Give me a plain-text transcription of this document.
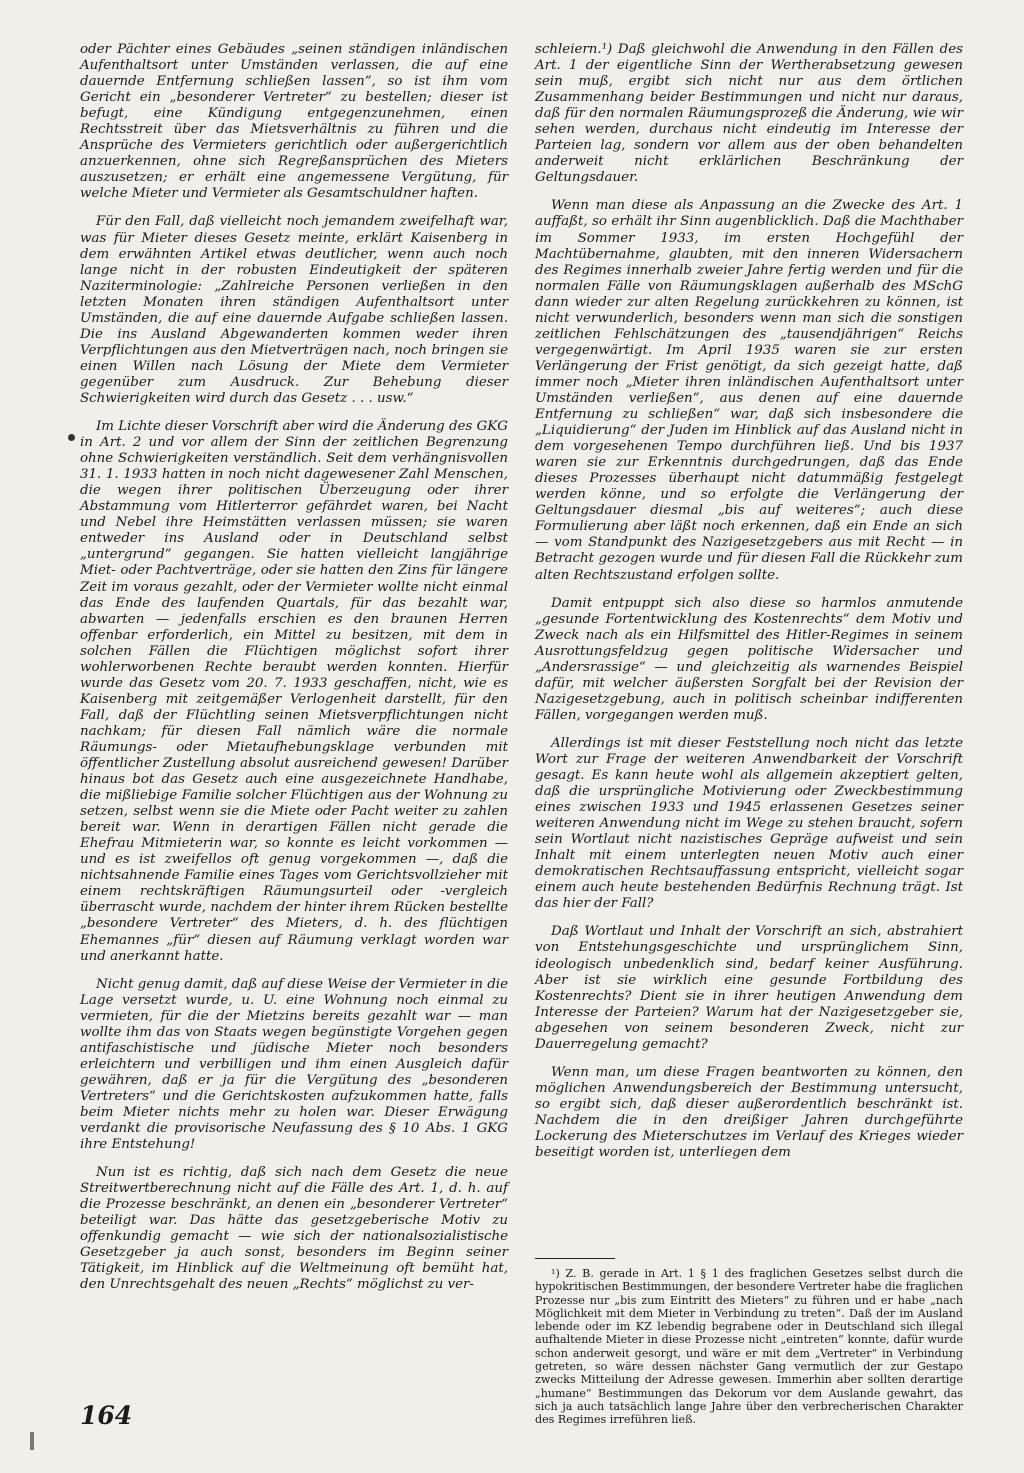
oder Pächter eines Gebäudes „seinen ständigen inländischen Aufenthaltsort unter Umständen verlassen, die auf eine dauernde Entfernung schließen lassen“, so ist ihm vom Gericht ein „besonderer Vertreter“ zu bestellen; dieser ist befugt, eine Kündigung entgegenzunehmen, einen Rechtsstreit über das Mietsverhältnis zu führen und die Ansprüche des Vermieters gerichtlich oder außergerichtlich anzuerkennen, ohne sich Regreßansprüchen des Mieters auszusetzen; er erhält eine angemessene Vergütung, für welche Mieter und Vermieter als Gesamtschuldner haften.

Für den Fall, daß vielleicht noch jemandem zweifelhaft war, was für Mieter dieses Gesetz meinte, erklärt Kaisenberg in dem erwähnten Artikel etwas deutlicher, wenn auch noch lange nicht in der robusten Eindeutigkeit der späteren Naziterminologie: „Zahlreiche Personen verließen in den letzten Monaten ihren ständigen Aufenthaltsort unter Umständen, die auf eine dauernde Aufgabe schließen lassen. Die ins Ausland Abgewanderten kommen weder ihren Verpflichtungen aus den Mietverträgen nach, noch bringen sie einen Willen nach Lösung der Miete dem Vermieter gegenüber zum Ausdruck. Zur Behebung dieser Schwierigkeiten wird durch das Gesetz . . . usw.“

Im Lichte dieser Vorschrift aber wird die Änderung des GKG in Art. 2 und vor allem der Sinn der zeitlichen Begrenzung ohne Schwierigkeiten verständlich. Seit dem verhängnisvollen 31. 1. 1933 hatten in noch nicht dagewesener Zahl Menschen, die wegen ihrer politischen Überzeugung oder ihrer Abstammung vom Hitlerterror gefährdet waren, bei Nacht und Nebel ihre Heimstätten verlassen müssen; sie waren entweder ins Ausland oder in Deutschland selbst „untergrund“ gegangen. Sie hatten vielleicht langjährige Miet- oder Pachtverträge, oder sie hatten den Zins für längere Zeit im voraus gezahlt, oder der Vermieter wollte nicht einmal das Ende des laufenden Quartals, für das bezahlt war, abwarten — jedenfalls erschien es den braunen Herren offenbar erforderlich, ein Mittel zu besitzen, mit dem in solchen Fällen die Flüchtigen möglichst sofort ihrer wohlerworbenen Rechte beraubt werden konnten. Hierfür wurde das Gesetz vom 20. 7. 1933 geschaffen, nicht, wie es Kaisenberg mit zeitgemäßer Verlogenheit darstellt, für den Fall, daß der Flüchtling seinen Mietsverpflichtungen nicht nachkam; für diesen Fall nämlich wäre die normale Räumungs- oder Mietaufhebungsklage verbunden mit öffentlicher Zustellung absolut ausreichend gewesen! Darüber hinaus bot das Gesetz auch eine ausgezeichnete Handhabe, die mißliebige Familie solcher Flüchtigen aus der Wohnung zu setzen, selbst wenn sie die Miete oder Pacht weiter zu zahlen bereit war. Wenn in derartigen Fällen nicht gerade die Ehefrau Mitmieterin war, so konnte es leicht vorkommen — und es ist zweifellos oft genug vorgekommen —, daß die nichtsahnende Familie eines Tages vom Gerichtsvollzieher mit einem rechtskräftigen Räumungsurteil oder -vergleich überrascht wurde, nachdem der hinter ihrem Rücken bestellte „besondere Vertreter“ des Mieters, d. h. des flüchtigen Ehemannes „für“ diesen auf Räumung verklagt worden war und anerkannt hatte.

Nicht genug damit, daß auf diese Weise der Vermieter in die Lage versetzt wurde, u. U. eine Wohnung noch einmal zu vermieten, für die der Mietzins bereits gezahlt war — man wollte ihm das von Staats wegen begünstigte Vorgehen gegen antifaschistische und jüdische Mieter noch besonders erleichtern und verbilligen und ihm einen Ausgleich dafür gewähren, daß er ja für die Vergütung des „besonderen Vertreters“ und die Gerichtskosten aufzukommen hatte, falls beim Mieter nichts mehr zu holen war. Dieser Erwägung verdankt die provisorische Neufassung des § 10 Abs. 1 GKG ihre Entstehung!

Nun ist es richtig, daß sich nach dem Gesetz die neue Streitwertberechnung nicht auf die Fälle des Art. 1, d. h. auf die Prozesse beschränkt, an denen ein „besonderer Vertreter“ beteiligt war. Das hätte das gesetzgeberische Motiv zu offenkundig gemacht — wie sich der nationalsozialistische Gesetzgeber ja auch sonst, besonders im Beginn seiner Tätigkeit, im Hinblick auf die Weltmeinung oft bemüht hat, den Unrechtsgehalt des neuen „Rechts“ möglichst zu ver-

schleiern.¹) Daß gleichwohl die Anwendung in den Fällen des Art. 1 der eigentliche Sinn der Wertherabsetzung gewesen sein muß, ergibt sich nicht nur aus dem örtlichen Zusammenhang beider Bestimmungen und nicht nur daraus, daß für den normalen Räumungsprozeß die Änderung, wie wir sehen werden, durchaus nicht eindeutig im Interesse der Parteien lag, sondern vor allem aus der oben behandelten anderweit nicht erklärlichen Beschränkung der Geltungsdauer.

Wenn man diese als Anpassung an die Zwecke des Art. 1 auffaßt, so erhält ihr Sinn augenblicklich. Daß die Machthaber im Sommer 1933, im ersten Hochgefühl der Machtübernahme, glaubten, mit den inneren Widersachern des Regimes innerhalb zweier Jahre fertig werden und für die normalen Fälle von Räumungsklagen außerhalb des MSchG dann wieder zur alten Regelung zurückkehren zu können, ist nicht verwunderlich, besonders wenn man sich die sonstigen zeitlichen Fehlschätzungen des „tausendjährigen“ Reichs vergegenwärtigt. Im April 1935 waren sie zur ersten Verlängerung der Frist genötigt, da sich gezeigt hatte, daß immer noch „Mieter ihren inländischen Aufenthaltsort unter Umständen verließen“, aus denen auf eine dauernde Entfernung zu schließen“ war, daß sich insbesondere die „Liquidierung“ der Juden im Hinblick auf das Ausland nicht in dem vorgesehenen Tempo durchführen ließ. Und bis 1937 waren sie zur Erkenntnis durchgedrungen, daß das Ende dieses Prozesses überhaupt nicht datummäßig festgelegt werden könne, und so erfolgte die Verlängerung der Geltungsdauer diesmal „bis auf weiteres“; auch diese Formulierung aber läßt noch erkennen, daß ein Ende an sich — vom Standpunkt des Nazigesetzgebers aus mit Recht — in Betracht gezogen wurde und für diesen Fall die Rückkehr zum alten Rechtszustand erfolgen sollte.

Damit entpuppt sich also diese so harmlos anmutende „gesunde Fortentwicklung des Kostenrechts“ dem Motiv und Zweck nach als ein Hilfsmittel des Hitler-Regimes in seinem Ausrottungsfeldzug gegen politische Widersacher und „Andersrassige“ — und gleichzeitig als warnendes Beispiel dafür, mit welcher äußersten Sorgfalt bei der Revision der Nazigesetzgebung, auch in politisch scheinbar indifferenten Fällen, vorgegangen werden muß.

Allerdings ist mit dieser Feststellung noch nicht das letzte Wort zur Frage der weiteren Anwendbarkeit der Vorschrift gesagt. Es kann heute wohl als allgemein akzeptiert gelten, daß die ursprüngliche Motivierung oder Zweckbestimmung eines zwischen 1933 und 1945 erlassenen Gesetzes seiner weiteren Anwendung nicht im Wege zu stehen braucht, sofern sein Wortlaut nicht nazistisches Gepräge aufweist und sein Inhalt mit einem unterlegten neuen Motiv auch einer demokratischen Rechtsauffassung entspricht, vielleicht sogar einem auch heute bestehenden Bedürfnis Rechnung trägt. Ist das hier der Fall?

Daß Wortlaut und Inhalt der Vorschrift an sich, abstrahiert von Entstehungsgeschichte und ursprünglichem Sinn, ideologisch unbedenklich sind, bedarf keiner Ausführung. Aber ist sie wirklich eine gesunde Fortbildung des Kostenrechts? Dient sie in ihrer heutigen Anwendung dem Interesse der Parteien? Warum hat der Nazigesetzgeber sie, abgesehen von seinem besonderen Zweck, nicht zur Dauerregelung gemacht?

Wenn man, um diese Fragen beantworten zu können, den möglichen Anwendungsbereich der Bestimmung untersucht, so ergibt sich, daß dieser außerordentlich beschränkt ist. Nachdem die in den dreißiger Jahren durchgeführte Lockerung des Mieterschutzes im Verlauf des Krieges wieder beseitigt worden ist, unterliegen dem

¹) Z. B. gerade in Art. 1 § 1 des fraglichen Gesetzes selbst durch die hypokritischen Bestimmungen, der besondere Vertreter habe die fraglichen Prozesse nur „bis zum Eintritt des Mieters“ zu führen und er habe „nach Möglichkeit mit dem Mieter in Verbindung zu treten“. Daß der im Ausland lebende oder im KZ lebendig begrabene oder in Deutschland sich illegal aufhaltende Mieter in diese Prozesse nicht „eintreten“ konnte, dafür wurde schon anderweit gesorgt, und wäre er mit dem „Vertreter“ in Verbindung getreten, so wäre dessen nächster Gang vermutlich der zur Gestapo zwecks Mitteilung der Adresse gewesen. Immerhin aber sollten derartige „humane“ Bestimmungen das Dekorum vor dem Auslande gewahrt, das sich ja auch tatsächlich lange Jahre über den verbrecherischen Charakter des Regimes irreführen ließ.

164
